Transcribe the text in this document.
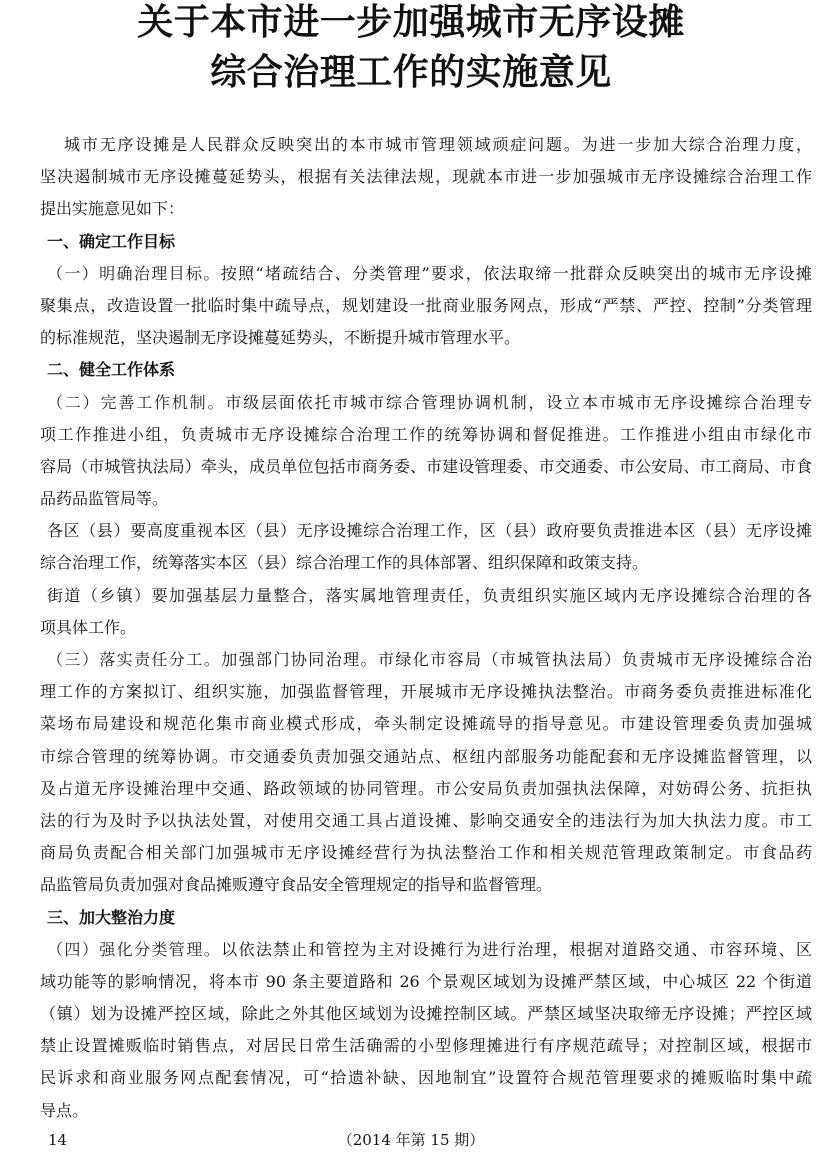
关于本市进一步加强城市无序设摊
综合治理工作的实施意见
城市无序设摊是人民群众反映突出的本市城市管理领域顽症问题。为进一步加大综合治理力度，
坚决遏制城市无序设摊蔓延势头，根据有关法律法规，现就本市进一步加强城市无序设摊综合治理工作
提出实施意见如下：
一、确定工作目标
（一）明确治理目标。按照“堵疏结合、分类管理”要求，依法取缔一批群众反映突出的城市无序设摊
聚集点，改造设置一批临时集中疏导点，规划建设一批商业服务网点，形成“严禁、严控、控制”分类管理
的标准规范，坚决遏制无序设摊蔓延势头，不断提升城市管理水平。
二、健全工作体系
（二）完善工作机制。市级层面依托市城市综合管理协调机制，设立本市城市无序设摊综合治理专
项工作推进小组，负责城市无序设摊综合治理工作的统筹协调和督促推进。工作推进小组由市绿化市
容局（市城管执法局）牵头，成员单位包括市商务委、市建设管理委、市交通委、市公安局、市工商局、市食
品药品监管局等。
各区（县）要高度重视本区（县）无序设摊综合治理工作，区（县）政府要负责推进本区（县）无序设摊
综合治理工作，统筹落实本区（县）综合治理工作的具体部署、组织保障和政策支持。
街道（乡镇）要加强基层力量整合，落实属地管理责任，负责组织实施区域内无序设摊综合治理的各
项具体工作。
（三）落实责任分工。加强部门协同治理。市绿化市容局（市城管执法局）负责城市无序设摊综合治
理工作的方案拟订、组织实施，加强监督管理，开展城市无序设摊执法整治。市商务委负责推进标准化
菜场布局建设和规范化集市商业模式形成，牵头制定设摊疏导的指导意见。市建设管理委负责加强城
市综合管理的统筹协调。市交通委负责加强交通站点、枢纽内部服务功能配套和无序设摊监督管理，以
及占道无序设摊治理中交通、路政领域的协同管理。市公安局负责加强执法保障，对妨碍公务、抗拒执
法的行为及时予以执法处置，对使用交通工具占道设摊、影响交通安全的违法行为加大执法力度。市工
商局负责配合相关部门加强城市无序设摊经营行为执法整治工作和相关规范管理政策制定。市食品药
品监管局负责加强对食品摊贩遵守食品安全管理规定的指导和监督管理。
三、加大整治力度
（四）强化分类管理。以依法禁止和管控为主对设摊行为进行治理，根据对道路交通、市容环境、区
域功能等的影响情况，将本市 90 条主要道路和 26 个景观区域划为设摊严禁区域，中心城区 22 个街道
（镇）划为设摊严控区域，除此之外其他区域划为设摊控制区域。严禁区域坚决取缔无序设摊；严控区域
禁止设置摊贩临时销售点，对居民日常生活确需的小型修理摊进行有序规范疏导；对控制区域，根据市
民诉求和商业服务网点配套情况，可“拾遗补缺、因地制宜”设置符合规范管理要求的摊贩临时集中疏
导点。
14	（2014 年第 15 期）
